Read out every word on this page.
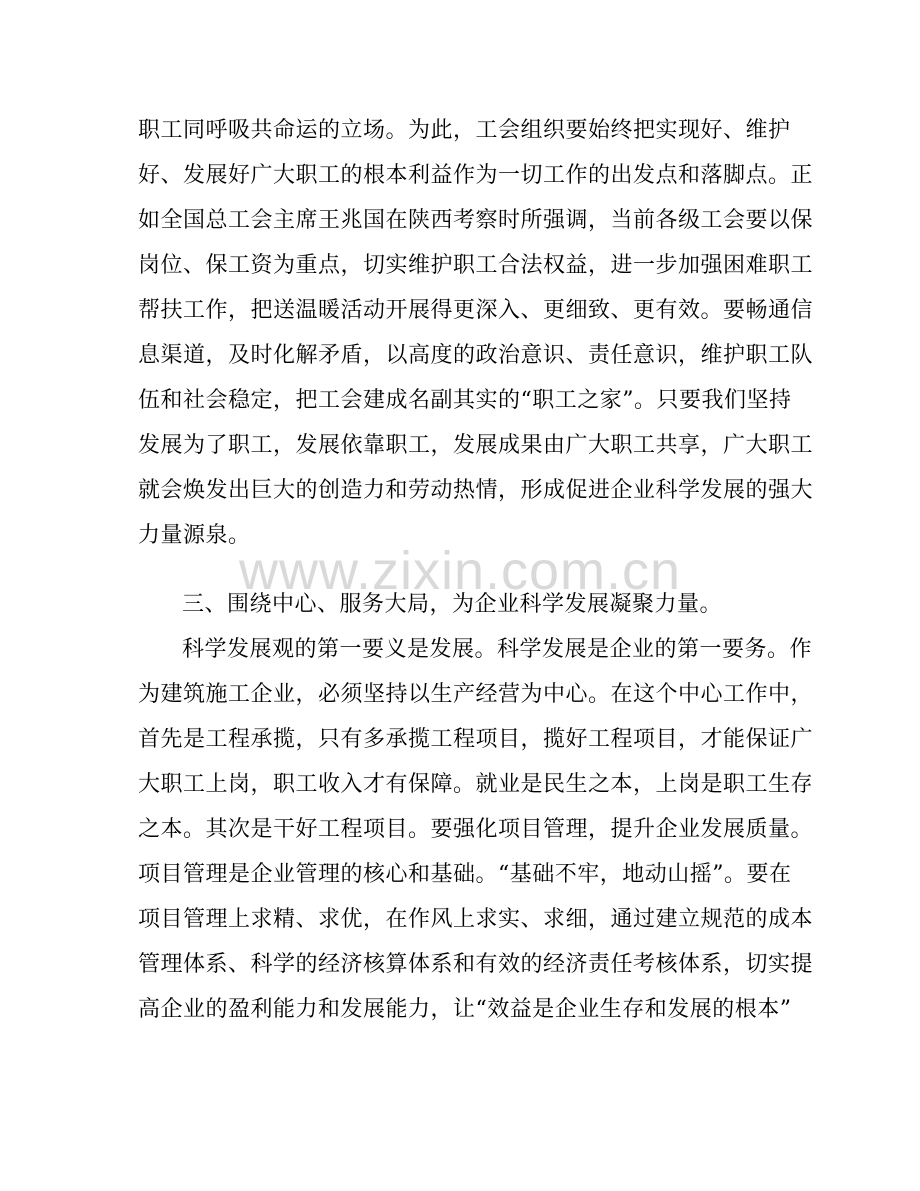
职工同呼吸共命运的立场。为此，工会组织要始终把实现好、维护
好、发展好广大职工的根本利益作为一切工作的出发点和落脚点。正
如全国总工会主席王兆国在陕西考察时所强调，当前各级工会要以保
岗位、保工资为重点，切实维护职工合法权益，进一步加强困难职工
帮扶工作，把送温暖活动开展得更深入、更细致、更有效。要畅通信
息渠道，及时化解矛盾，以高度的政治意识、责任意识，维护职工队
伍和社会稳定，把工会建成名副其实的“职工之家”。只要我们坚持
发展为了职工，发展依靠职工，发展成果由广大职工共享，广大职工
就会焕发出巨大的创造力和劳动热情，形成促进企业科学发展的强大
力量源泉。
www.zixin.com.cn
三、围绕中心、服务大局，为企业科学发展凝聚力量。
科学发展观的第一要义是发展。科学发展是企业的第一要务。作
为建筑施工企业，必须坚持以生产经营为中心。在这个中心工作中，
首先是工程承揽，只有多承揽工程项目，揽好工程项目，才能保证广
大职工上岗，职工收入才有保障。就业是民生之本，上岗是职工生存
之本。其次是干好工程项目。要强化项目管理，提升企业发展质量。
项目管理是企业管理的核心和基础。“基础不牢，地动山摇”。要在
项目管理上求精、求优，在作风上求实、求细，通过建立规范的成本
管理体系、科学的经济核算体系和有效的经济责任考核体系，切实提
高企业的盈利能力和发展能力，让“效益是企业生存和发展的根本”
